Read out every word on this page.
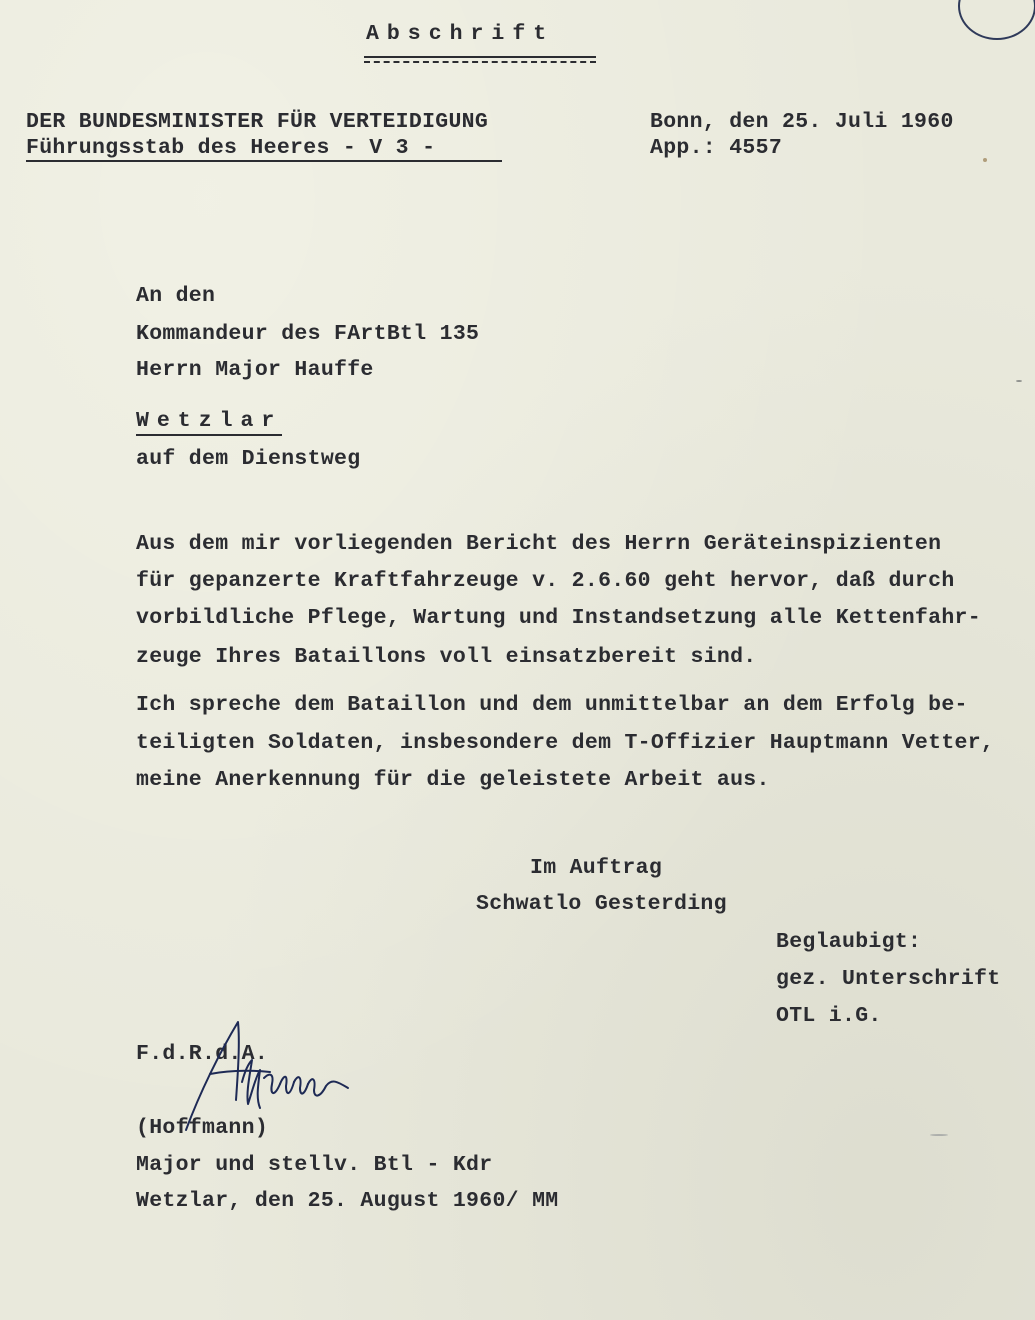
Abschrift
DER BUNDESMINISTER FÜR VERTEIDIGUNG
Führungsstab des Heeres - V 3 -
Bonn, den 25. Juli 1960
App.: 4557
An den
Kommandeur des FArtBtl 135
Herrn Major Hauffe
Wetzlar
auf dem Dienstweg
Aus dem mir vorliegenden Bericht des Herrn Geräteinspizienten
für gepanzerte Kraftfahrzeuge v. 2.6.60 geht hervor, daß durch
vorbildliche Pflege, Wartung und Instandsetzung alle Kettenfahr-
zeuge Ihres Bataillons voll einsatzbereit sind.
Ich spreche dem Bataillon und dem unmittelbar an dem Erfolg be-
teiligten Soldaten, insbesondere dem T-Offizier Hauptmann Vetter,
meine Anerkennung für die geleistete Arbeit aus.
Im Auftrag
Schwatlo Gesterding
Beglaubigt:
gez. Unterschrift
OTL i.G.
F.d.R.d.A.
(Hoffmann)
Major und stellv. Btl - Kdr
Wetzlar, den 25. August 1960/ MM
